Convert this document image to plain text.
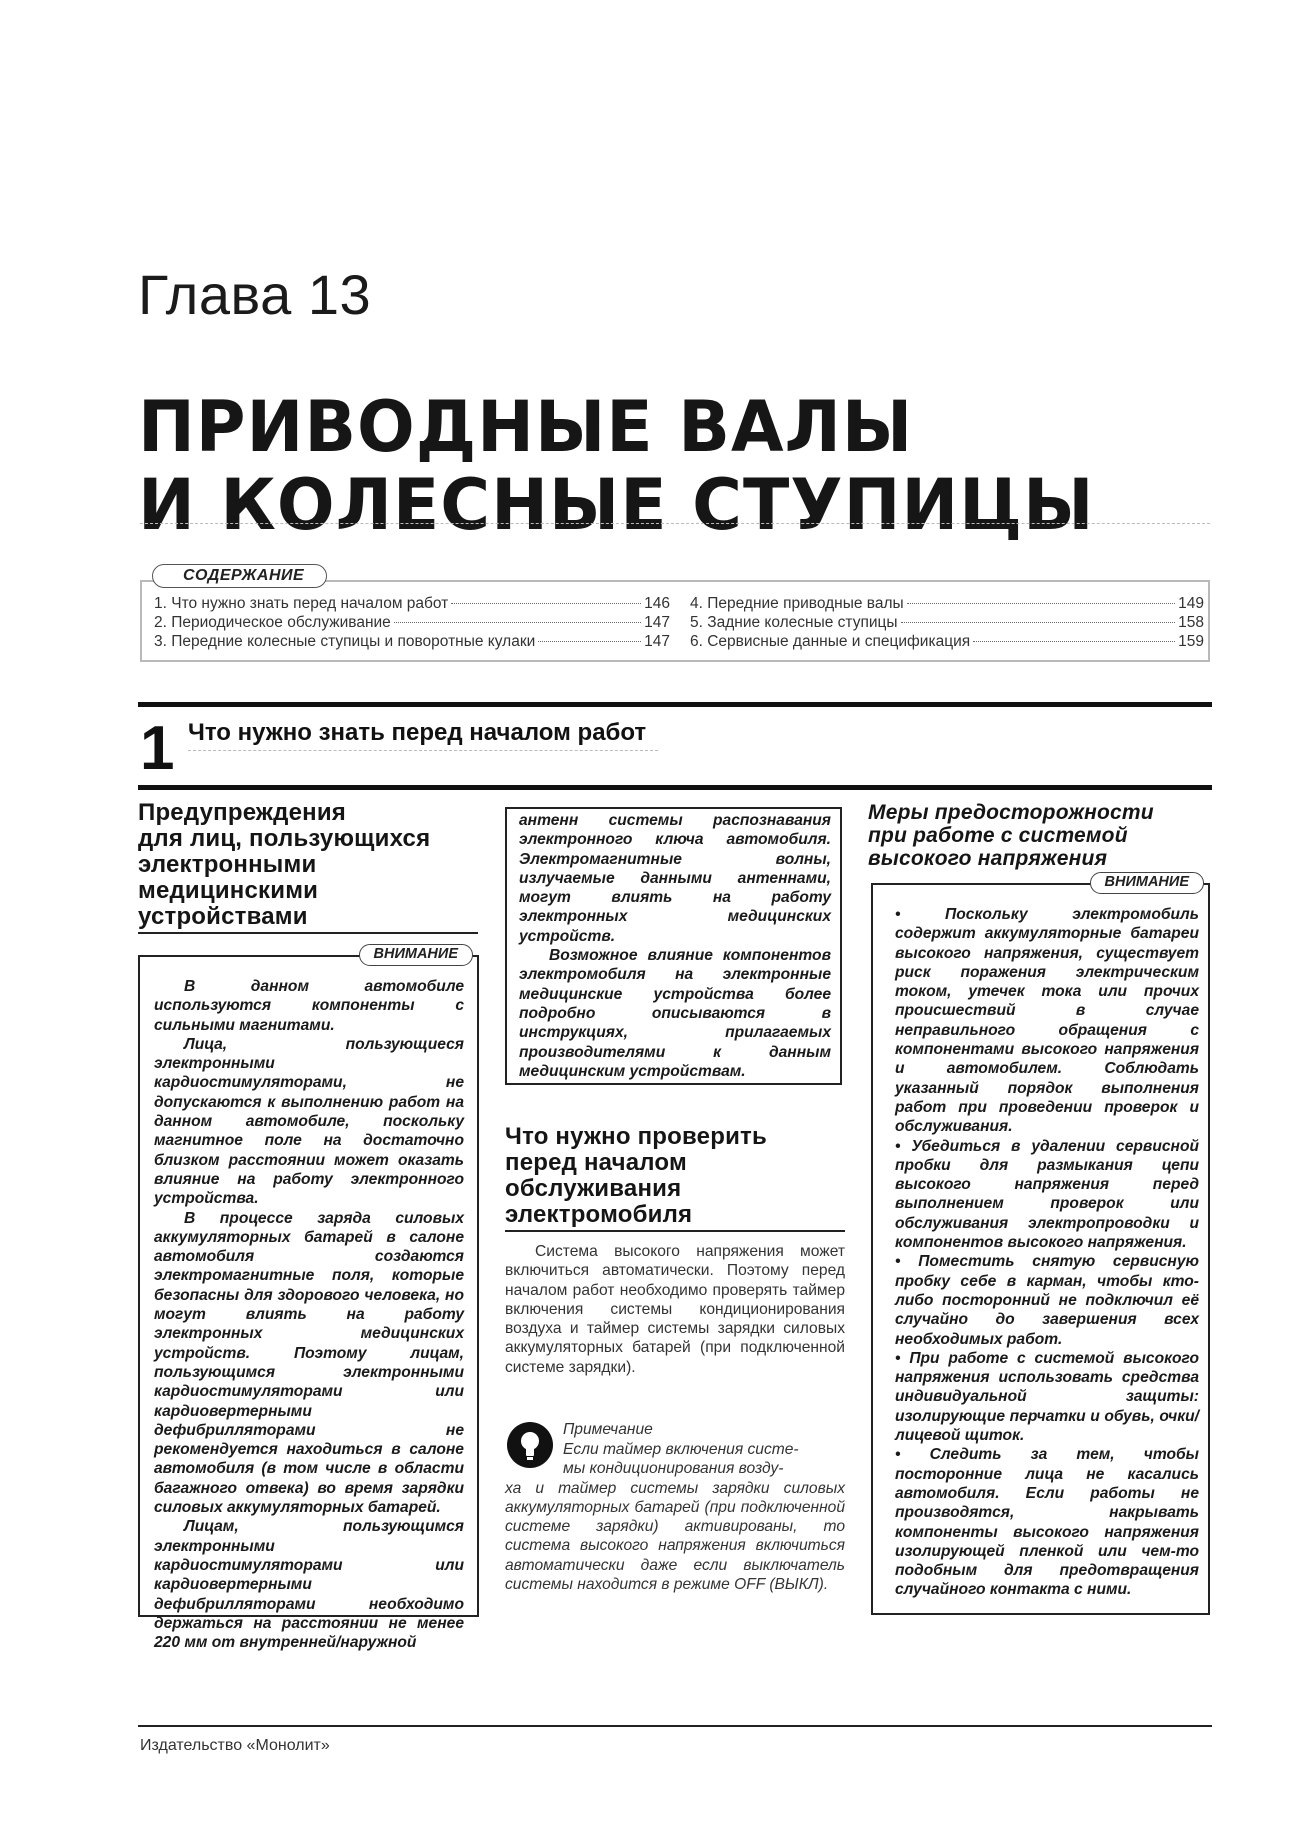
Глава 13
ПРИВОДНЫЕ ВАЛЫ
И КОЛЕСНЫЕ СТУПИЦЫ
СОДЕРЖАНИЕ
1. Что нужно знать перед началом работ	146
2. Периодическое обслуживание	147
3. Передние колесные ступицы и поворотные кулаки	147
4. Передние приводные валы	149
5. Задние колесные ступицы	158
6. Сервисные данные и спецификация	159
1 Что нужно знать перед началом работ
Предупреждения
для лиц, пользующихся
электронными
медицинскими
устройствами
ВНИМАНИЕ

В данном автомобиле используются компоненты с сильными магнитами.

Лица, пользующиеся электронными кардиостимуляторами, не допускаются к выполнению работ на данном автомобиле, поскольку магнитное поле на достаточно близком расстоянии может оказать влияние на работу электронного устройства.

В процессе заряда силовых аккумуляторных батарей в салоне автомобиля создаются электромагнитные поля, которые безопасны для здорового человека, но могут влиять на работу электронных медицинских устройств. Поэтому лицам, пользующимся электронными кардиостимуляторами или кардиовертерными дефибрилляторами не рекомендуется находиться в салоне автомобиля (в том числе в области багажного отвека) во время зарядки силовых аккумуляторных батарей.

Лицам, пользующимся электронными кардиостимуляторами или кардиовертерными дефибрилляторами необходимо держаться на расстоянии не менее 220 мм от внутренней/наружной

антенн системы распознавания электронного ключа автомобиля. Электромагнитные волны, излучаемые данными антеннами, могут влиять на работу электронных медицинских устройств.

Возможное влияние компонентов электромобиля на электронные медицинские устройства более подробно описываются в инструкциях, прилагаемых производителями к данным медицинским устройствам.

Что нужно проверить
перед началом
обслуживания
электромобиля

Система высокого напряжения может включиться автоматически. Поэтому перед началом работ необходимо проверять таймер включения системы кондиционирования воздуха и таймер системы зарядки силовых аккумуляторных батарей (при подключенной системе зарядки).

Примечание
Если таймер включения систе-
мы кондиционирования возду-
ха и таймер системы зарядки силовых аккумуляторных батарей (при подключенной системе зарядки) активированы, то система высокого напряжения включиться автоматически даже если выключатель системы находится в режиме OFF (ВЫКЛ).
Меры предосторожности
при работе с системой
высокого напряжения
ВНИМАНИЕ

• Поскольку электромобиль содержит аккумуляторные батареи высокого напряжения, существует риск поражения электрическим током, утечек тока или прочих происшествий в случае неправильного обращения с компонентами высокого напряжения и автомобилем. Соблюдать указанный порядок выполнения работ при проведении проверок и обслуживания.

• Убедиться в удалении сервисной пробки для размыкания цепи высокого напряжения перед выполнением проверок или обслуживания электропроводки и компонентов высокого напряжения.

• Поместить снятую сервисную пробку себе в карман, чтобы кто-либо посторонний не подключил её случайно до завершения всех необходимых работ.

• При работе с системой высокого напряжения использовать средства индивидуальной защиты: изолирующие перчатки и обувь, очки/лицевой щиток.

• Следить за тем, чтобы посторонние лица не касались автомобиля. Если работы не производятся, накрывать компоненты высокого напряжения изолирующей пленкой или чем-то подобным для предотвращения случайного контакта с ними.

Издательство «Монолит»
